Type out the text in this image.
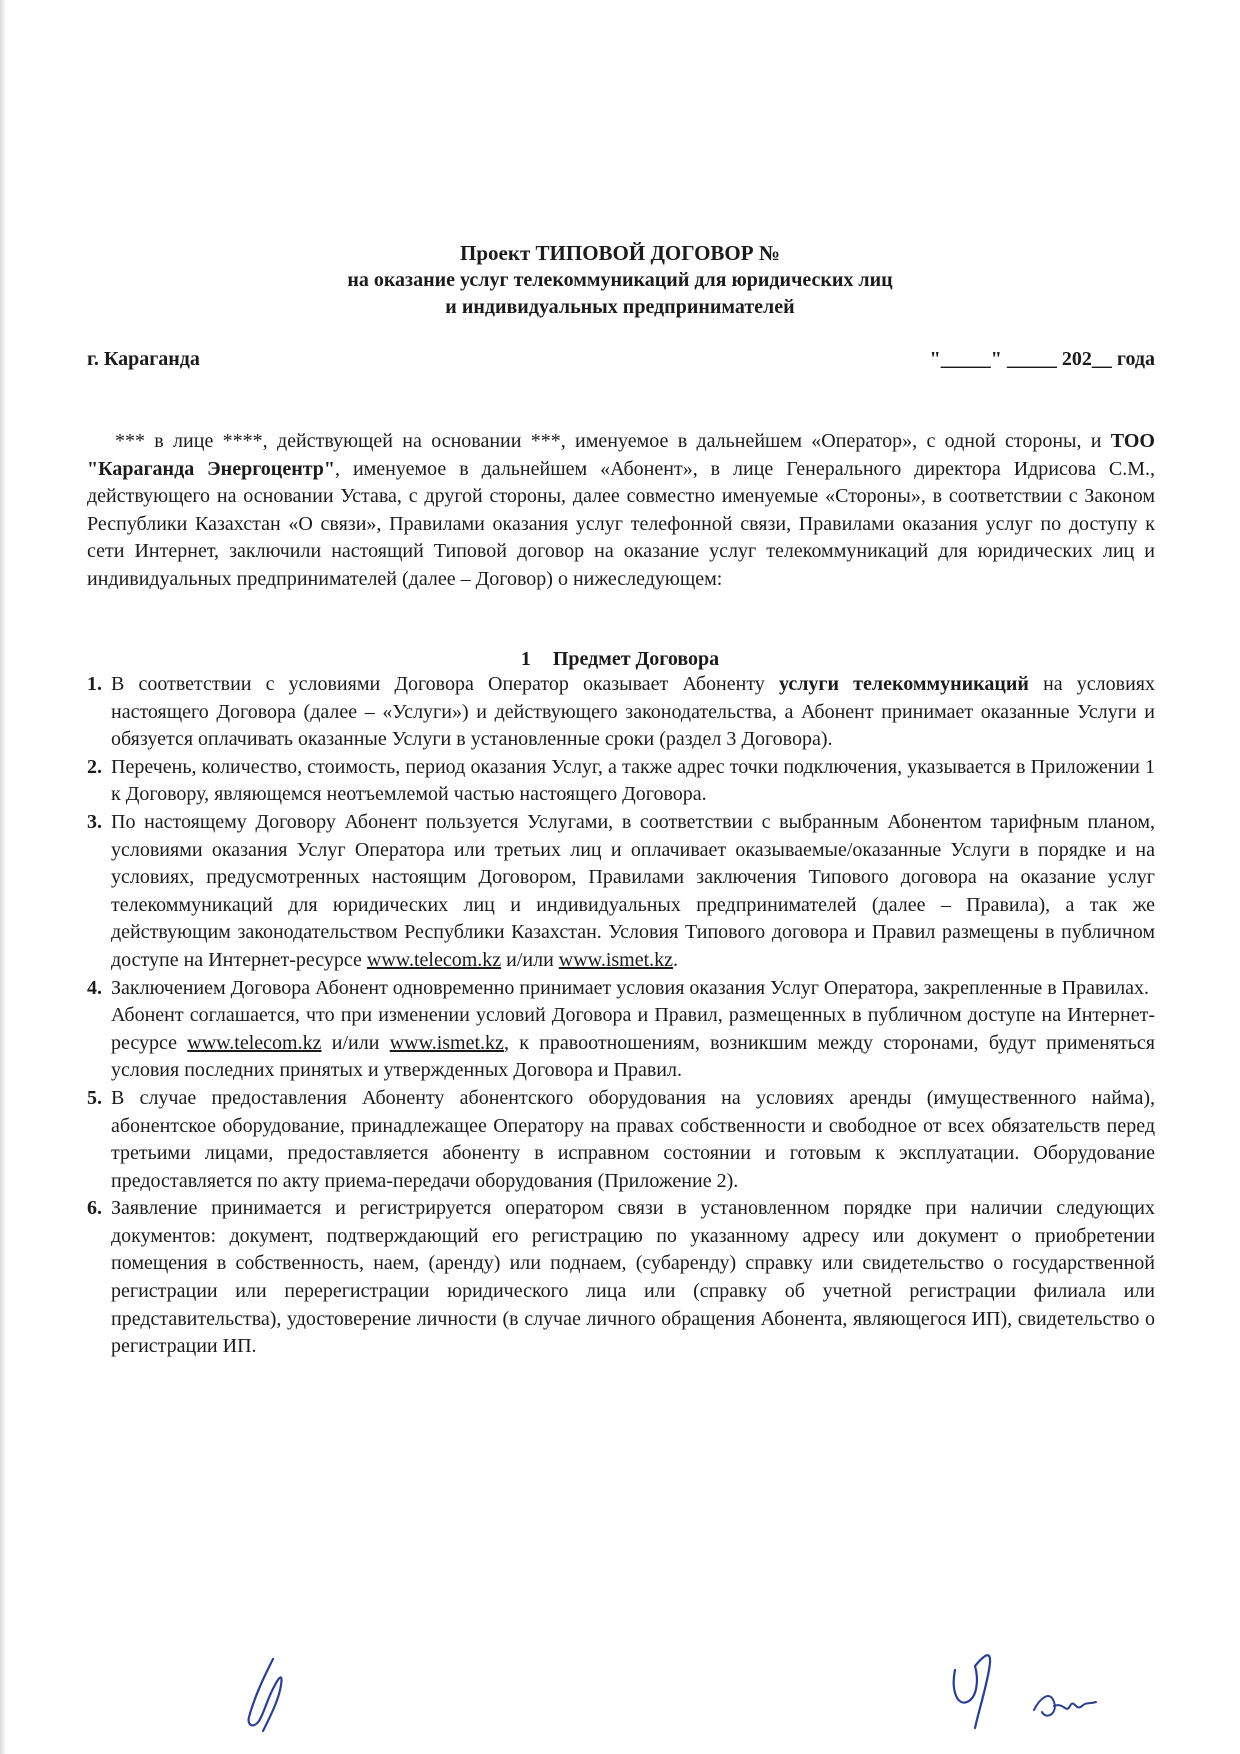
Проект ТИПОВОЙ ДОГОВОР №
на оказание услуг телекоммуникаций для юридических лиц
и индивидуальных предпринимателей
г. Караганда	"_____" _____ 202__ года

*** в лице ****, действующей на основании ***, именуемое в дальнейшем «Оператор», с одной стороны, и ТОО "Караганда Энергоцентр", именуемое в дальнейшем «Абонент», в лице Генерального директора Идрисова С.М., действующего на основании Устава, с другой стороны, далее совместно именуемые «Стороны», в соответствии с Законом Республики Казахстан «О связи», Правилами оказания услуг телефонной связи, Правилами оказания услуг по доступу к сети Интернет, заключили настоящий Типовой договор на оказание услуг телекоммуникаций для юридических лиц и индивидуальных предпринимателей (далее – Договор) о нижеследующем:

1 Предмет Договора
1. В соответствии с условиями Договора Оператор оказывает Абоненту услуги телекоммуникаций на условиях настоящего Договора (далее – «Услуги») и действующего законодательства, а Абонент принимает оказанные Услуги и обязуется оплачивать оказанные Услуги в установленные сроки (раздел 3 Договора).

2. Перечень, количество, стоимость, период оказания Услуг, а также адрес точки подключения, указывается в Приложении 1 к Договору, являющемся неотъемлемой частью настоящего Договора.

3. По настоящему Договору Абонент пользуется Услугами, в соответствии с выбранным Абонентом тарифным планом, условиями оказания Услуг Оператора или третьих лиц и оплачивает оказываемые/оказанные Услуги в порядке и на условиях, предусмотренных настоящим Договором, Правилами заключения Типового договора на оказание услуг телекоммуникаций для юридических лиц и индивидуальных предпринимателей (далее – Правила), а так же действующим законодательством Республики Казахстан. Условия Типового договора и Правил размещены в публичном доступе на Интернет-ресурсе www.telecom.kz и/или www.ismet.kz.

4. Заключением Договора Абонент одновременно принимает условия оказания Услуг Оператора, закрепленные в Правилах.

Абонент соглашается, что при изменении условий Договора и Правил, размещенных в публичном доступе на Интернет-ресурсе www.telecom.kz и/или www.ismet.kz, к правоотношениям, возникшим между сторонами, будут применяться условия последних принятых и утвержденных Договора и Правил.

5. В случае предоставления Абоненту абонентского оборудования на условиях аренды (имущественного найма), абонентское оборудование, принадлежащее Оператору на правах собственности и свободное от всех обязательств перед третьими лицами, предоставляется абоненту в исправном состоянии и готовым к эксплуатации. Оборудование предоставляется по акту приема-передачи оборудования (Приложение 2).

6. Заявление принимается и регистрируется оператором связи в установленном порядке при наличии следующих документов: документ, подтверждающий его регистрацию по указанному адресу или документ о приобретении помещения в собственность, наем, (аренду) или поднаем, (субаренду) справку или свидетельство о государственной регистрации или перерегистрации юридического лица или (справку об учетной регистрации филиала или представительства), удостоверение личности (в случае личного обращения Абонента, являющегося ИП), свидетельство о регистрации ИП.
